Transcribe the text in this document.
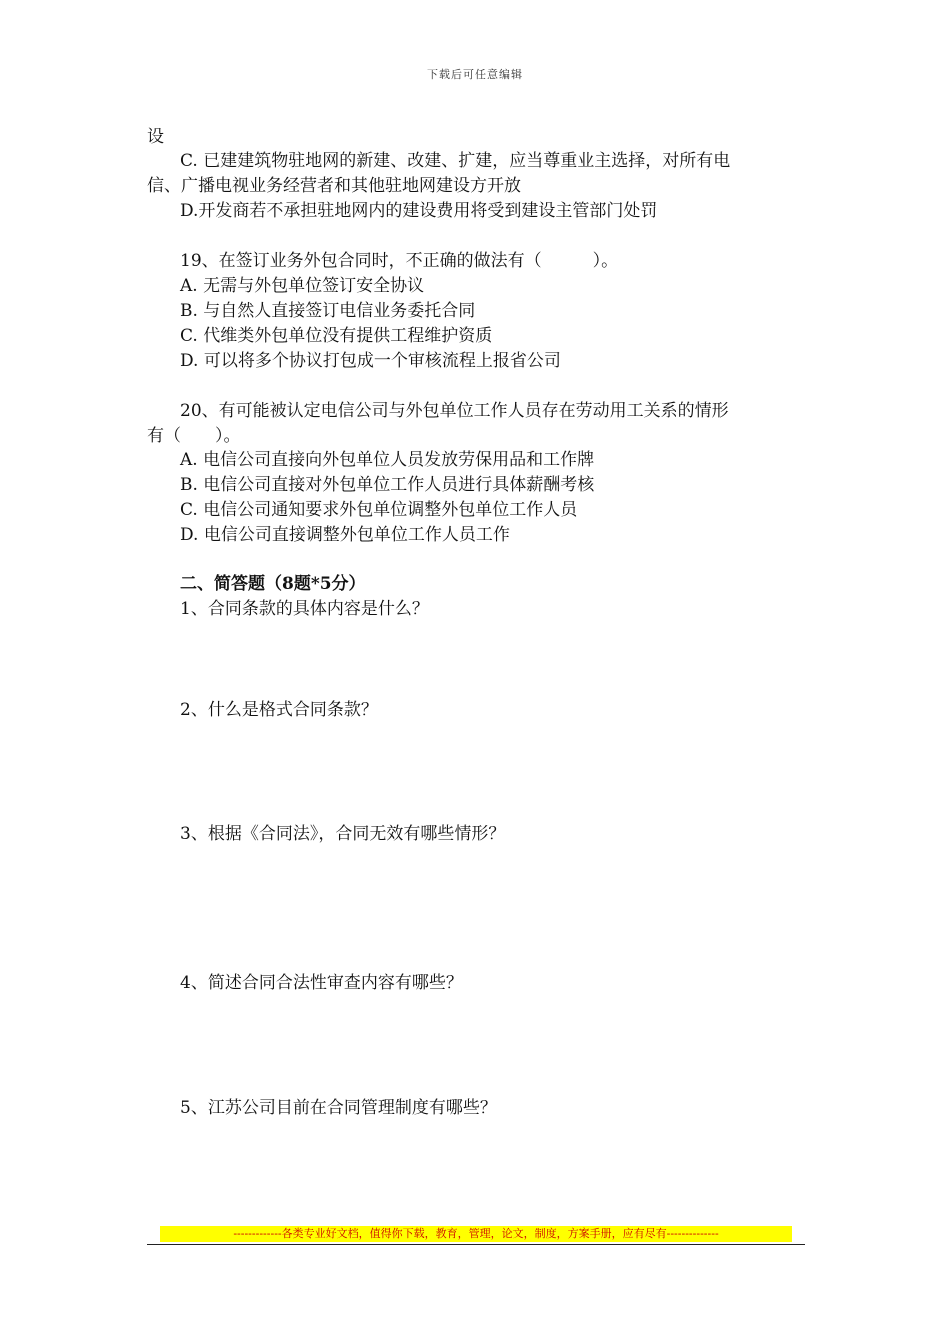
下载后可任意编辑
设
C. 已建建筑物驻地网的新建、改建、扩建，应当尊重业主选择，对所有电
信、广播电视业务经营者和其他驻地网建设方开放
D.开发商若不承担驻地网内的建设费用将受到建设主管部门处罚
19、在签订业务外包合同时，不正确的做法有（　　　）。
A. 无需与外包单位签订安全协议
B. 与自然人直接签订电信业务委托合同
C. 代维类外包单位没有提供工程维护资质
D. 可以将多个协议打包成一个审核流程上报省公司
20、有可能被认定电信公司与外包单位工作人员存在劳动用工关系的情形
有（　　）。
A. 电信公司直接向外包单位人员发放劳保用品和工作牌
B. 电信公司直接对外包单位工作人员进行具体薪酬考核
C. 电信公司通知要求外包单位调整外包单位工作人员
D. 电信公司直接调整外包单位工作人员工作
二、简答题（8题*5分）
1、合同条款的具体内容是什么？
2、什么是格式合同条款？
3、根据《合同法》，合同无效有哪些情形？
4、简述合同合法性审查内容有哪些？
5、江苏公司目前在合同管理制度有哪些？
-------------各类专业好文档，值得你下载，教育，管理，论文，制度，方案手册，应有尽有--------------
